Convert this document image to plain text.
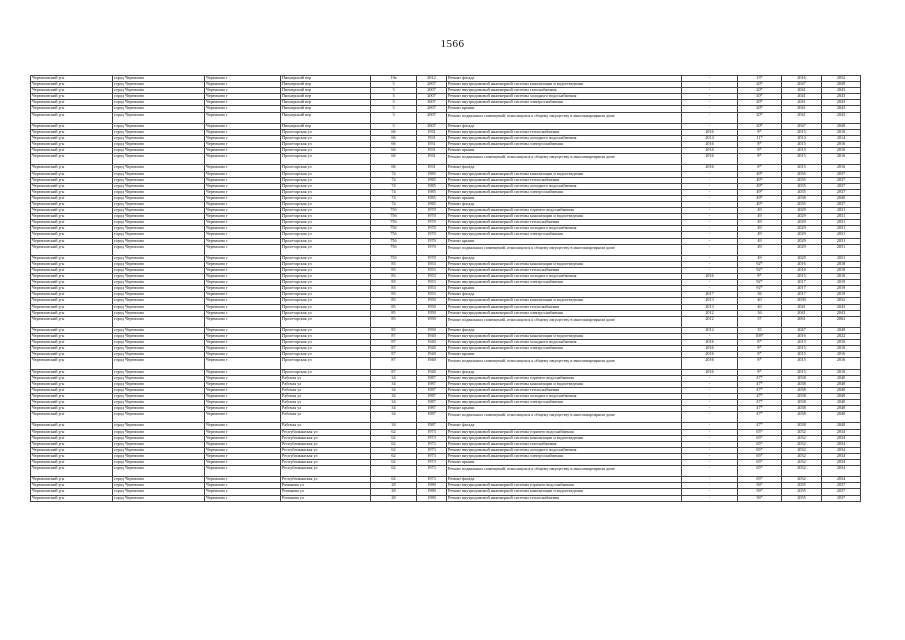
1566
Черемховский р-н	город Черемхово	Черемхово г	Пионерский пер	10а	2012	Ремонт фасада	-	13*	2016	2052
Черемховский р-н	город Черемхово	Черемхово г	Пионерский пер	3	2007	Ремонт внутридомовой инженерной системы канализации и водоотведения	-	20*	2047	2049
Черемховский р-н	город Черемхово	Черемхово г	Пионерский пер	3	2007	Ремонт внутридомовой инженерной системы газоснабжения	-	20*	2041	2043
Черемховский р-н	город Черемхово	Черемхово г	Пионерский пер	3	2007	Ремонт внутридомовой инженерной системы холодного водоснабжения	-	20*	2041	2043
Черемховский р-н	город Черемхово	Черемхово г	Пионерский пер	3	2007	Ремонт внутридомовой инженерной системы электроснабжения	-	20*	2041	2043
Черемховский р-н	город Черемхово	Черемхово г	Пионерский пер	3	2007	Ремонт крыши	-	20*	2041	2043
Черемховский р-н	город Черемхово	Черемхово г	Пионерский пер	3	2007	Ремонт подвальных помещений, относящихся к общему имуществу в многоквартирном доме	-	20*	2041	2043
Черемховский р-н	город Черемхово	Черемхово г	Пионерский пер	3	2007	Ремонт фасада	-	20*	2047	2049
Черемховский р-н	город Черемхово	Черемхово г	Пролетарская ул	66	1931	Ремонт внутридомовой инженерной системы теплоснабжения	2016	8*	2015	2016
Черемховский р-н	город Черемхово	Черемхово г	Пролетарская ул	66	1931	Ремонт внутридомовой инженерной системы холодного водоснабжения	2014	11*	2014	2014
Черемховский р-н	город Черемхово	Черемхово г	Пролетарская ул	66	1931	Ремонт внутридомовой инженерной системы электроснабжения	2016	8*	2015	2016
Черемховский р-н	город Черемхово	Черемхово г	Пролетарская ул	66	1931	Ремонт крыши	2016	8*	2015	2016
Черемховский р-н	город Черемхово	Черемхово г	Пролетарская ул	66	1931	Ремонт подвальных помещений, относящихся к общему имуществу в многоквартирном доме	2016	8*	2015	2016
Черемховский р-н	город Черемхово	Черемхово г	Пролетарская ул	66	1931	Ремонт фасада	2016	8*	2015	2016
Черемховский р-н	город Черемхово	Черемхово г	Пролетарская ул	74	1985	Ремонт внутридомовой инженерной системы канализации и водоотведения	-	49*	2035	2037
Черемховский р-н	город Черемхово	Черемхово г	Пролетарская ул	74	1985	Ремонт внутридомовой инженерной системы теплоснабжения	-	49*	2035	2037
Черемховский р-н	город Черемхово	Черемхово г	Пролетарская ул	74	1985	Ремонт внутридомовой инженерной системы холодного водоснабжения	-	49*	2035	2037
Черемховский р-н	город Черемхово	Черемхово г	Пролетарская ул	74	1985	Ремонт внутридомовой инженерной системы электроснабжения	-	49*	2035	2037
Черемховский р-н	город Черемхово	Черемхово г	Пролетарская ул	74	1985	Ремонт крыши	-	49*	2038	2040
Черемховский р-н	город Черемхово	Черемхово г	Пролетарская ул	74	1985	Ремонт фасада	-	49*	2035	2037
Черемховский р-н	город Черемхово	Черемхово г	Пролетарская ул	75б	1970	Ремонт внутридомовой инженерной системы горячего водоснабжения	-	49	2029	2031
Черемховский р-н	город Черемхово	Черемхово г	Пролетарская ул	75б	1970	Ремонт внутридомовой инженерной системы канализации и водоотведения	-	49	2029	2031
Черемховский р-н	город Черемхово	Черемхово г	Пролетарская ул	75б	1970	Ремонт внутридомовой инженерной системы теплоснабжения	-	49	2029	2031
Черемховский р-н	город Черемхово	Черемхово г	Пролетарская ул	75б	1970	Ремонт внутридомовой инженерной системы холодного водоснабжения	-	49	2029	2031
Черемховский р-н	город Черемхово	Черемхово г	Пролетарская ул	75б	1970	Ремонт внутридомовой инженерной системы электроснабжения	-	49	2029	2031
Черемховский р-н	город Черемхово	Черемхово г	Пролетарская ул	75б	1970	Ремонт крыши	-	49	2029	2031
Черемховский р-н	город Черемхово	Черемхово г	Пролетарская ул	75б	1970	Ремонт подвальных помещений, относящихся к общему имуществу в многоквартирном доме	-	49	2029	2031
Черемховский р-н	город Черемхово	Черемхово г	Пролетарская ул	75б	1970	Ремонт фасада	-	49	2029	2031
Черемховский р-н	город Черемхово	Черемхово г	Пролетарская ул	83	1953	Ремонт внутридомовой инженерной системы канализации и водоотведения	-	92*	2016	2018
Черемховский р-н	город Черемхово	Черемхово г	Пролетарская ул	83	1953	Ремонт внутридомовой инженерной системы теплоснабжения	-	92*	2016	2018
Черемховский р-н	город Черемхово	Черемхово г	Пролетарская ул	83	1953	Ремонт внутридомовой инженерной системы холодного водоснабжения	2016	8*	2015	2016
Черемховский р-н	город Черемхово	Черемхово г	Пролетарская ул	83	1953	Ремонт внутридомовой инженерной системы электроснабжения	-	92*	2017	2019
Черемховский р-н	город Черемхово	Черемхово г	Пролетарская ул	83	1953	Ремонт крыши	-	92*	2017	2019
Черемховский р-н	город Черемхово	Черемхово г	Пролетарская ул	83	1953	Ремонт фасада	2017	36	2017	2019
Черемховский р-н	город Черемхово	Черемхово г	Пролетарская ул	85	1950	Ремонт внутридомовой инженерной системы канализации и водоотведения	2013	40	2030	2032
Черемховский р-н	город Черемхово	Черемхово г	Пролетарская ул	85	1950	Ремонт внутридомовой инженерной системы теплоснабжения	2013	40	2041	2043
Черемховский р-н	город Черемхово	Черемхово г	Пролетарская ул	85	1950	Ремонт внутридомовой инженерной системы электроснабжения	2012	36	2041	2043
Черемховский р-н	город Черемхово	Черемхово г	Пролетарская ул	85	1950	Ремонт подвальных помещений, относящихся к общему имуществу в многоквартирном доме	2012	37	2061	2062
Черемховский р-н	город Черемхово	Черемхово г	Пролетарская ул	85	1950	Ремонт фасада	2012	35	2047	2049
Черемховский р-н	город Черемхово	Черемхово г	Пролетарская ул	87	1940	Ремонт внутридомовой инженерной системы канализации и водоотведения	-	108*	2016	2022
Черемховский р-н	город Черемхово	Черемхово г	Пролетарская ул	87	1940	Ремонт внутридомовой инженерной системы холодного водоснабжения	2016	8*	2015	2016
Черемховский р-н	город Черемхово	Черемхово г	Пролетарская ул	87	1940	Ремонт внутридомовой инженерной системы электроснабжения	2016	8*	2015	2016
Черемховский р-н	город Черемхово	Черемхово г	Пролетарская ул	87	1940	Ремонт крыши	2016	8*	2015	2016
Черемховский р-н	город Черемхово	Черемхово г	Пролетарская ул	87	1940	Ремонт подвальных помещений, относящихся к общему имуществу в многоквартирном доме	2016	8*	2015	2016
Черемховский р-н	город Черемхово	Черемхово г	Пролетарская ул	87	1940	Ремонт фасада	2016	8*	2015	2016
Черемховский р-н	город Черемхово	Черемхово г	Рабочая ул	34	1987	Ремонт внутридомовой инженерной системы горячего водоснабжения	-	47*	2038	2040
Черемховский р-н	город Черемхово	Черемхово г	Рабочая ул	34	1987	Ремонт внутридомовой инженерной системы канализации и водоотведения	-	47*	2038	2040
Черемховский р-н	город Черемхово	Черемхово г	Рабочая ул	34	1987	Ремонт внутридомовой инженерной системы теплоснабжения	-	47*	2038	2040
Черемховский р-н	город Черемхово	Черемхово г	Рабочая ул	34	1987	Ремонт внутридомовой инженерной системы холодного водоснабжения	-	47*	2038	2040
Черемховский р-н	город Черемхово	Черемхово г	Рабочая ул	34	1987	Ремонт внутридомовой инженерной системы электроснабжения	-	47*	2038	2040
Черемховский р-н	город Черемхово	Черемхово г	Рабочая ул	34	1987	Ремонт крыши	-	47*	2038	2040
Черемховский р-н	город Черемхово	Черемхово г	Рабочая ул	34	1987	Ремонт подвальных помещений, относящихся к общему имуществу в многоквартирном доме	-	47*	2038	2040
Черемховский р-н	город Черемхово	Черемхово г	Рабочая ул	34	1987	Ремонт фасада	-	47*	2038	2040
Черемховский р-н	город Черемхово	Черемхово г	Республиканская ул	62	1973	Ремонт внутридомовой инженерной системы горячего водоснабжения	-	65*	2032	2034
Черемховский р-н	город Черемхово	Черемхово г	Республиканская ул	62	1973	Ремонт внутридомовой инженерной системы канализации и водоотведения	-	65*	2032	2034
Черемховский р-н	город Черемхово	Черемхово г	Республиканская ул	62	1973	Ремонт внутридомовой инженерной системы газоснабжения	-	65*	2032	2034
Черемховский р-н	город Черемхово	Черемхово г	Республиканская ул	62	1973	Ремонт внутридомовой инженерной системы холодного водоснабжения	-	65*	2032	2034
Черемховский р-н	город Черемхово	Черемхово г	Республиканская ул	62	1973	Ремонт внутридомовой инженерной системы электроснабжения	-	65*	2032	2034
Черемховский р-н	город Черемхово	Черемхово г	Республиканская ул	62	1973	Ремонт крыши	-	65*	2032	2034
Черемховский р-н	город Черемхово	Черемхово г	Республиканская ул	62	1973	Ремонт подвальных помещений, относящихся к общему имуществу в многоквартирном доме	-	65*	2032	2034
Черемховский р-н	город Черемхово	Черемхово г	Республиканская ул	62	1973	Ремонт фасада	-	65*	2032	2034
Черемховский р-н	город Черемхово	Черемхово г	Романова ул	28	1980	Ремонт внутридомовой инженерной системы горячего водоснабжения	-	56*	2035	2037
Черемховский р-н	город Черемхово	Черемхово г	Романова ул	28	1980	Ремонт внутридомовой инженерной системы канализации и водоотведения	-	56*	2035	2037
Черемховский р-н	город Черемхово	Черемхово г	Романова ул	28	1980	Ремонт внутридомовой инженерной системы теплоснабжения	-	56*	2035	2037
